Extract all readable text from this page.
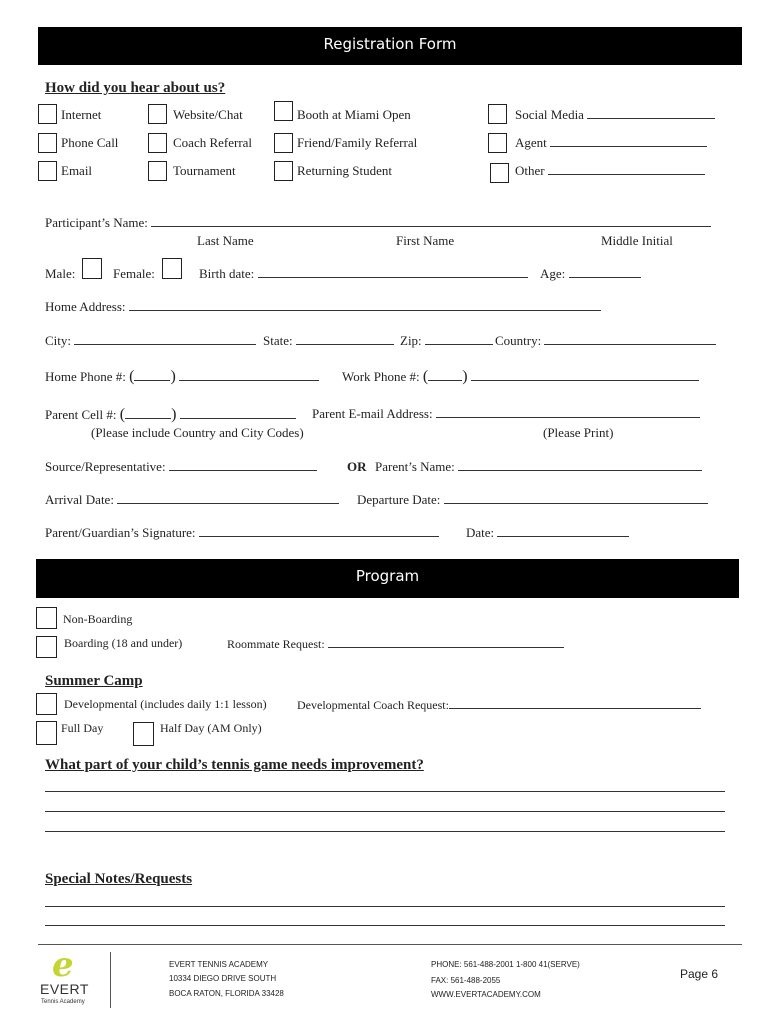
Registration Form
How did you hear about us?
Internet	Website/Chat	Booth at Miami Open	Social Media
Phone Call	Coach Referral	Friend/Family Referral	Agent
Email	Tournament	Returning Student	Other
Participant’s Name:
Last Name	First Name	Middle Initial
Male:	Female:	Birth date:	Age:
Home Address:
City:	State:	Zip:	Country:
Home Phone #: ( )	Work Phone #: ( )
Parent Cell #: (	)	Parent E-mail Address:
(Please include Country and City Codes)	(Please Print)
Source/Representative:	OR Parent’s Name:
Arrival Date:	Departure Date:
Parent/Guardian’s Signature:	Date:
Program
Non-Boarding
Boarding (18 and under)	Roommate Request:
Summer Camp
Developmental (includes daily 1:1 lesson)	Developmental Coach Request:
Full Day	Half Day (AM Only)
What part of your child’s tennis game needs improvement?
Special Notes/Requests
e
EVERT
Tennis Academy
EVERT TENNIS ACADEMY
10334 DIEGO DRIVE SOUTH
BOCA RATON, FLORIDA 33428
PHONE: 561-488-2001 1-800 41(SERVE)
FAX: 561-488-2055
WWW.EVERTACADEMY.COM
Page 6
